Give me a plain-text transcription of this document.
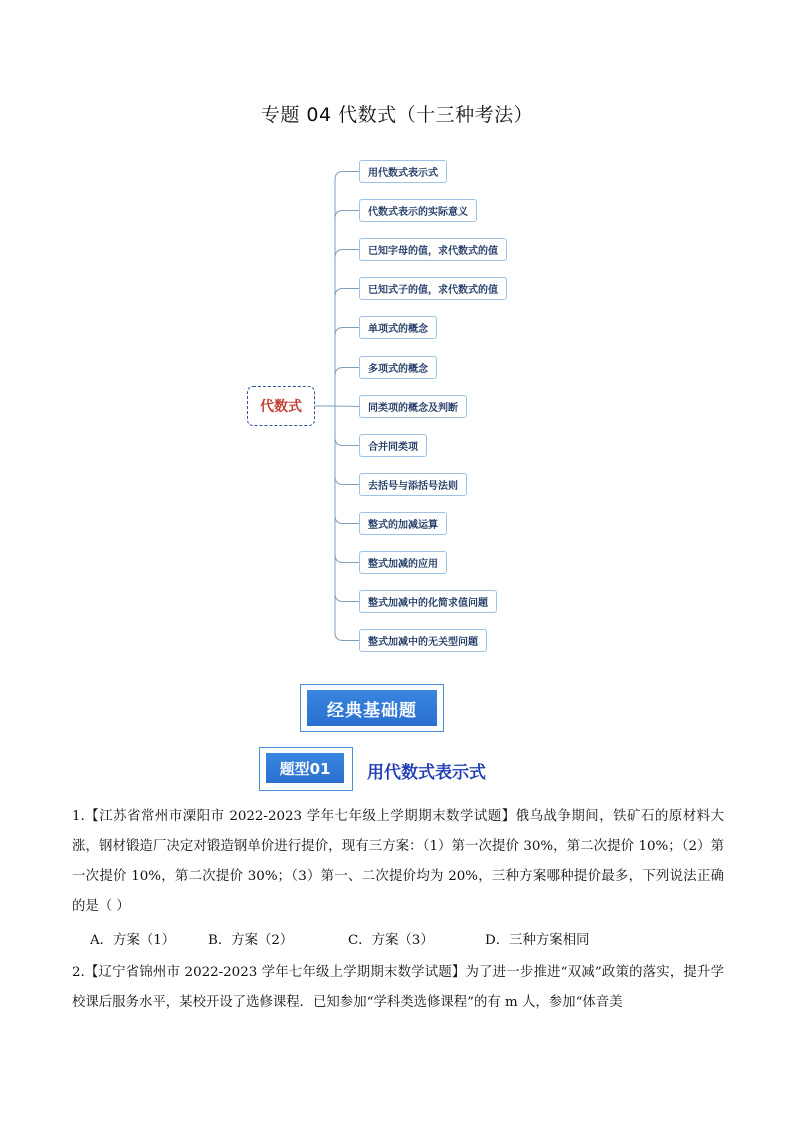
专题 04 代数式（十三种考法）
代数式
用代数式表示式
代数式表示的实际意义
已知字母的值，求代数式的值
已知式子的值，求代数式的值
单项式的概念
多项式的概念
同类项的概念及判断
合并同类项
去括号与添括号法则
整式的加减运算
整式加减的应用
整式加减中的化简求值问题
整式加减中的无关型问题
经典基础题
题型01	用代数式表示式
1.【江苏省常州市溧阳市 2022-2023 学年七年级上学期期末数学试题】俄乌战争期间，铁矿石的原材料大涨，钢材锻造厂决定对锻造钢单价进行提价，现有三方案：（1）第一次提价 30%，第二次提价 10%；（2）第一次提价 10%，第二次提价 30%；（3）第一、二次提价均为 20%，三种方案哪种提价最多，下列说法正确的是（ ）
A．方案（1） B．方案（2）	C．方案（3）	D．三种方案相同
2.【辽宁省锦州市 2022-2023 学年七年级上学期期末数学试题】为了进一步推进“双减”政策的落实，提升学校课后服务水平，某校开设了选修课程．已知参加“学科类选修课程”的有 m 人，参加“体音美
